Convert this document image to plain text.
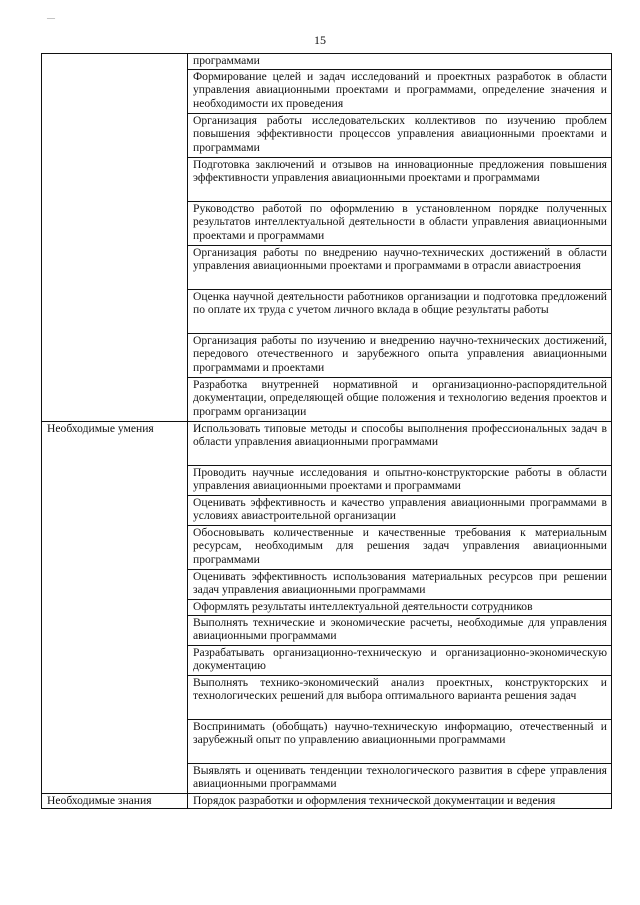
—
15
	программами
	Формирование целей и задач исследований и проектных разработок в области управления авиационными проектами и программами, определение значения и необходимости их проведения
	Организация работы исследовательских коллективов по изучению проблем повышения эффективности процессов управления авиационными проектами и программами
	Подготовка заключений и отзывов на инновационные предложения повышения эффективности управления авиационными проектами и программами
	Руководство работой по оформлению в установленном порядке полученных результатов интеллектуальной деятельности в области управления авиационными проектами и программами
	Организация работы по внедрению научно-технических достижений в области управления авиационными проектами и программами в отрасли авиастроения
	Оценка научной деятельности работников организации и подготовка предложений по оплате их труда с учетом личного вклада в общие результаты работы
	Организация работы по изучению и внедрению научно-технических достижений, передового отечественного и зарубежного опыта управления авиационными программами и проектами
	Разработка внутренней нормативной и организационно-распорядительной документации, определяющей общие положения и технологию ведения проектов и программ организации
Необходимые умения	Использовать типовые методы и способы выполнения профессиональных задач в области управления авиационными программами
	Проводить научные исследования и опытно-конструкторские работы в области управления авиационными проектами и программами
	Оценивать эффективность и качество управления авиационными программами в условиях авиастроительной организации
	Обосновывать количественные и качественные требования к материальным ресурсам, необходимым для решения задач управления авиационными программами
	Оценивать эффективность использования материальных ресурсов при решении задач управления авиационными программами
	Оформлять результаты интеллектуальной деятельности сотрудников
	Выполнять технические и экономические расчеты, необходимые для управления авиационными программами
	Разрабатывать организационно-техническую и организационно-экономическую документацию
	Выполнять технико-экономический анализ проектных, конструкторских и технологических решений для выбора оптимального варианта решения задач
	Воспринимать (обобщать) научно-техническую информацию, отечественный и зарубежный опыт по управлению авиационными программами
	Выявлять и оценивать тенденции технологического развития в сфере управления авиационными программами
Необходимые знания	Порядок разработки и оформления технической документации и ведения
